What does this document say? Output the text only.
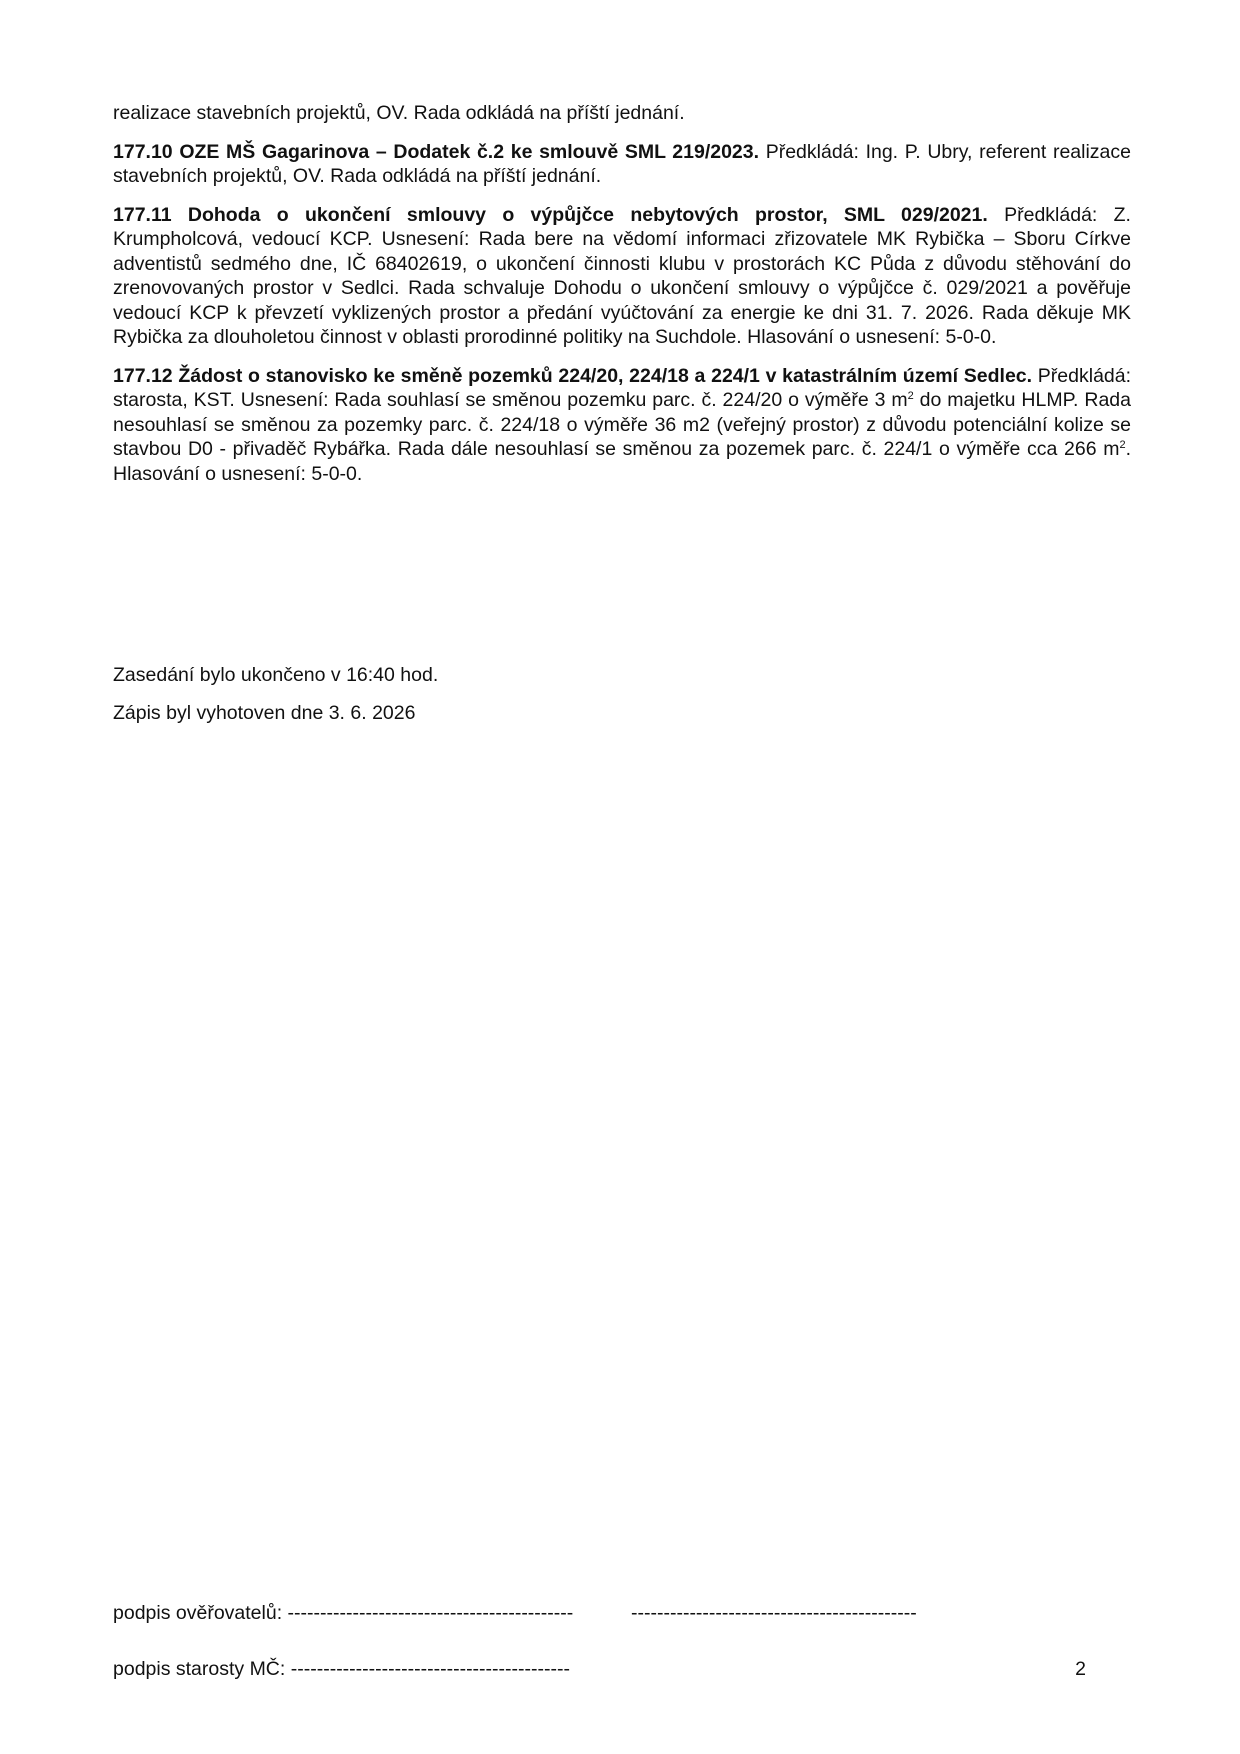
realizace stavebních projektů, OV. Rada odkládá na příští jednání.

177.10 OZE MŠ Gagarinova – Dodatek č.2 ke smlouvě SML 219/2023. Předkládá: Ing. P. Ubry, referent realizace stavebních projektů, OV. Rada odkládá na příští jednání.

177.11 Dohoda o ukončení smlouvy o výpůjčce nebytových prostor, SML 029/2021. Předkládá: Z. Krumpholcová, vedoucí KCP. Usnesení: Rada bere na vědomí informaci zřizovatele MK Rybička – Sboru Církve adventistů sedmého dne, IČ 68402619, o ukončení činnosti klubu v prostorách KC Půda z důvodu stěhování do zrenovovaných prostor v Sedlci. Rada schvaluje Dohodu o ukončení smlouvy o výpůjčce č. 029/2021 a pověřuje vedoucí KCP k převzetí vyklizených prostor a předání vyúčtování za energie ke dni 31. 7. 2026. Rada děkuje MK Rybička za dlouholetou činnost v oblasti prorodinné politiky na Suchdole. Hlasování o usnesení: 5-0-0.

177.12 Žádost o stanovisko ke směně pozemků 224/20, 224/18 a 224/1 v katastrálním území Sedlec. Předkládá: starosta, KST. Usnesení: Rada souhlasí se směnou pozemku parc. č. 224/20 o výměře 3 $m^2$ do majetku HLMP. Rada nesouhlasí se směnou za pozemky parc. č. 224/18 o výměře 36 m2 (veřejný prostor) z důvodu potenciální kolize se stavbou D0 - přivaděč Rybářka. Rada dále nesouhlasí se směnou za pozemek parc. č. 224/1 o výměře cca 266 $m^2$. Hlasování o usnesení: 5-0-0.

Zasedání bylo ukončeno v 16:40 hod.

Zápis byl vyhotoven dne 3. 6. 2026

podpis ověřovatelů: --------------------------------------------	--------------------------------------------
podpis starosty MČ: -------------------------------------------	2
